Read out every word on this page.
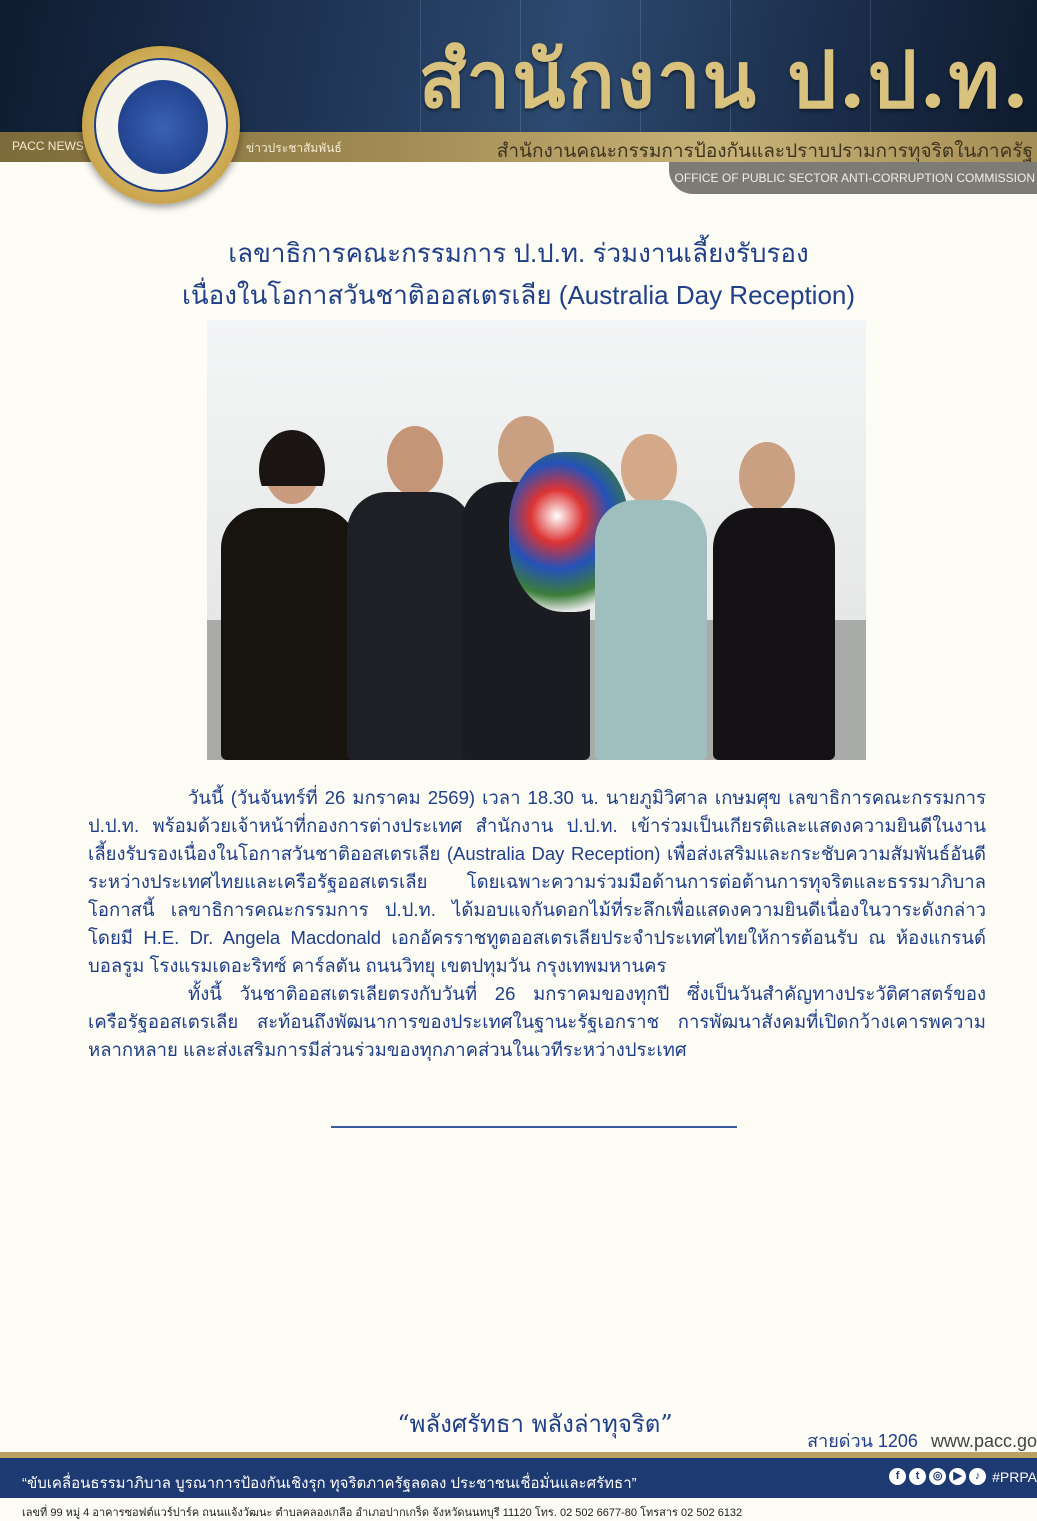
สำนักงาน ป.ป.ท.
PACC NEWS	ข่าวประชาสัมพันธ์	สำนักงานคณะกรรมการป้องกันและปราบปรามการทุจริตในภาครัฐ
OFFICE OF PUBLIC SECTOR ANTI-CORRUPTION COMMISSION
เลขาธิการคณะกรรมการ ป.ป.ท. ร่วมงานเลี้ยงรับรอง
เนื่องในโอกาสวันชาติออสเตรเลีย (Australia Day Reception)

วันนี้ (วันจันทร์ที่ 26 มกราคม 2569) เวลา 18.30 น. นายภูมิวิศาล เกษมศุข เลขาธิการคณะกรรมการ ป.ป.ท. พร้อมด้วยเจ้าหน้าที่กองการต่างประเทศ สำนักงาน ป.ป.ท. เข้าร่วมเป็นเกียรติและแสดงความยินดีในงานเลี้ยงรับรองเนื่องในโอกาสวันชาติออสเตรเลีย (Australia Day Reception) เพื่อส่งเสริมและกระชับความสัมพันธ์อันดีระหว่างประเทศไทยและเครือรัฐออสเตรเลีย โดยเฉพาะความร่วมมือด้านการต่อต้านการทุจริตและธรรมาภิบาล โอกาสนี้ เลขาธิการคณะกรรมการ ป.ป.ท. ได้มอบแจกันดอกไม้ที่ระลึกเพื่อแสดงความยินดีเนื่องในวาระดังกล่าว โดยมี H.E. Dr. Angela Macdonald เอกอัครราชทูตออสเตรเลียประจำประเทศไทยให้การต้อนรับ ณ ห้องแกรนด์ บอลรูม โรงแรมเดอะริทซ์ คาร์ลตัน ถนนวิทยุ เขตปทุมวัน กรุงเทพมหานคร

ทั้งนี้ วันชาติออสเตรเลียตรงกับวันที่ 26 มกราคมของทุกปี ซึ่งเป็นวันสำคัญทางประวัติศาสตร์ของเครือรัฐออสเตรเลีย สะท้อนถึงพัฒนาการของประเทศในฐานะรัฐเอกราช การพัฒนาสังคมที่เปิดกว้างเคารพความหลากหลาย และส่งเสริมการมีส่วนร่วมของทุกภาคส่วนในเวทีระหว่างประเทศ

“พลังศรัทธา พลังล่าทุจริต”
สายด่วน 1206 www.pacc.go
“ขับเคลื่อนธรรมาภิบาล บูรณาการป้องกันเชิงรุก ทุจริตภาครัฐลดลง ประชาชนเชื่อมั่นและศรัทธา”	f	t	◎ ▶	♪ #PRPA
เลขที่ 99 หมู่ 4 อาคารซอฟต์แวร์ปาร์ค ถนนแจ้งวัฒนะ ตำบลคลองเกลือ อำเภอปากเกร็ด จังหวัดนนทบุรี 11120 โทร. 02 502 6677-80 โทรสาร 02 502 6132
